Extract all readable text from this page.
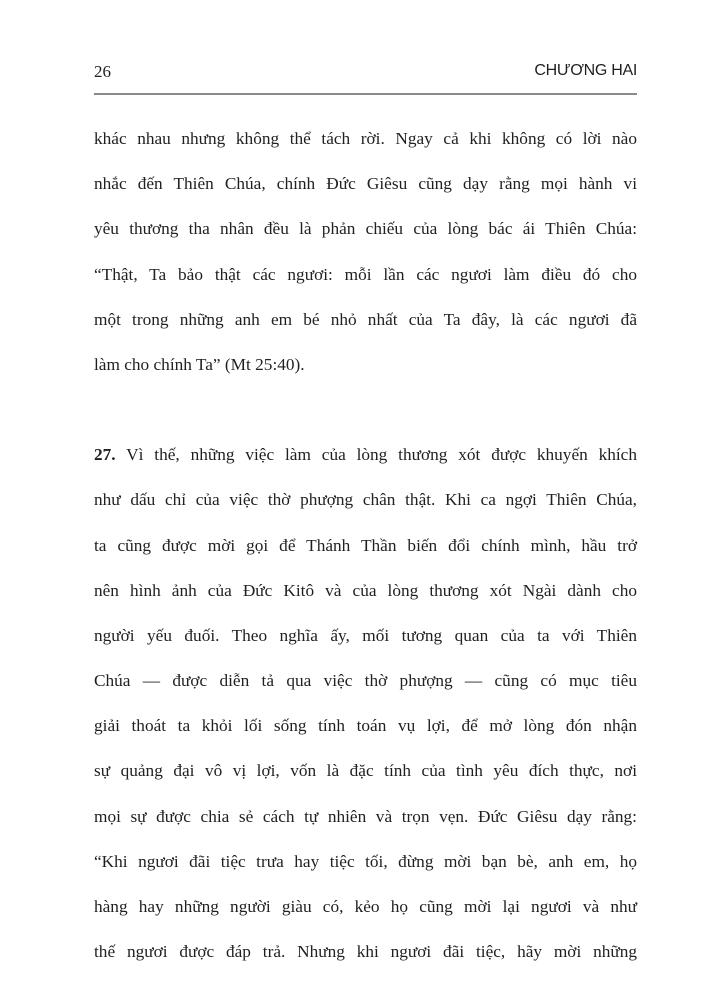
26	CHƯƠNG HAI
khác nhau nhưng không thể tách rời. Ngay cả khi không có lời nào
nhắc đến Thiên Chúa, chính Đức Giêsu cũng dạy rằng mọi hành vi
yêu thương tha nhân đều là phản chiếu của lòng bác ái Thiên Chúa:
“Thật, Ta bảo thật các ngươi: mỗi lần các ngươi làm điều đó cho
một trong những anh em bé nhỏ nhất của Ta đây, là các ngươi đã
làm cho chính Ta” (Mt 25:40).
27. Vì thế, những việc làm của lòng thương xót được khuyến khích
như dấu chỉ của việc thờ phượng chân thật. Khi ca ngợi Thiên Chúa,
ta cũng được mời gọi để Thánh Thần biến đổi chính mình, hầu trở
nên hình ảnh của Đức Kitô và của lòng thương xót Ngài dành cho
người yếu đuối. Theo nghĩa ấy, mối tương quan của ta với Thiên
Chúa — được diễn tả qua việc thờ phượng — cũng có mục tiêu
giải thoát ta khỏi lối sống tính toán vụ lợi, để mở lòng đón nhận
sự quảng đại vô vị lợi, vốn là đặc tính của tình yêu đích thực, nơi
mọi sự được chia sẻ cách tự nhiên và trọn vẹn. Đức Giêsu dạy rằng:
“Khi ngươi đãi tiệc trưa hay tiệc tối, đừng mời bạn bè, anh em, họ
hàng hay những người giàu có, kẻo họ cũng mời lại ngươi và như
thế ngươi được đáp trả. Nhưng khi ngươi đãi tiệc, hãy mời những
